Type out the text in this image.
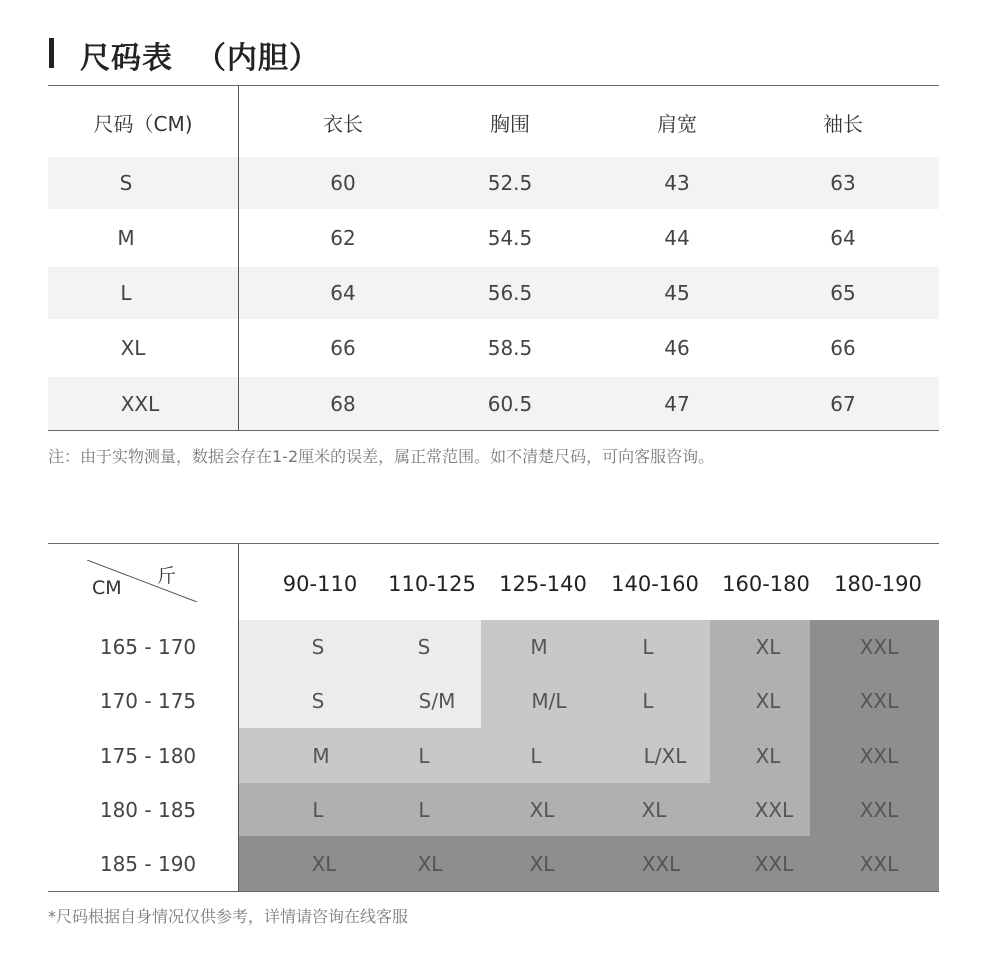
尺码表  （内胆）
尺码（CM)	衣长	胸围	肩宽	袖长
S	60	52.5	43	63
M	62	54.5	44	64
L	64	56.5	45	65
XL	66	58.5	46	66
XXL	68	60.5	47	67
注：由于实物测量，数据会存在1-2厘米的误差，属正常范围。如不清楚尺码，可向客服咨询。
斤
CM	90-110	110-125	125-140	140-160	160-180	180-190
165 - 170	S	S	M	L	XL	XXL
170 - 175	S	S/M	M/L	L	XL	XXL
175 - 180	M	L	L	L/XL	XL	XXL
180 - 185	L	L	XL	XL	XXL	XXL
185 - 190	XL	XL	XL	XXL	XXL	XXL
*尺码根据自身情况仅供参考，详情请咨询在线客服
